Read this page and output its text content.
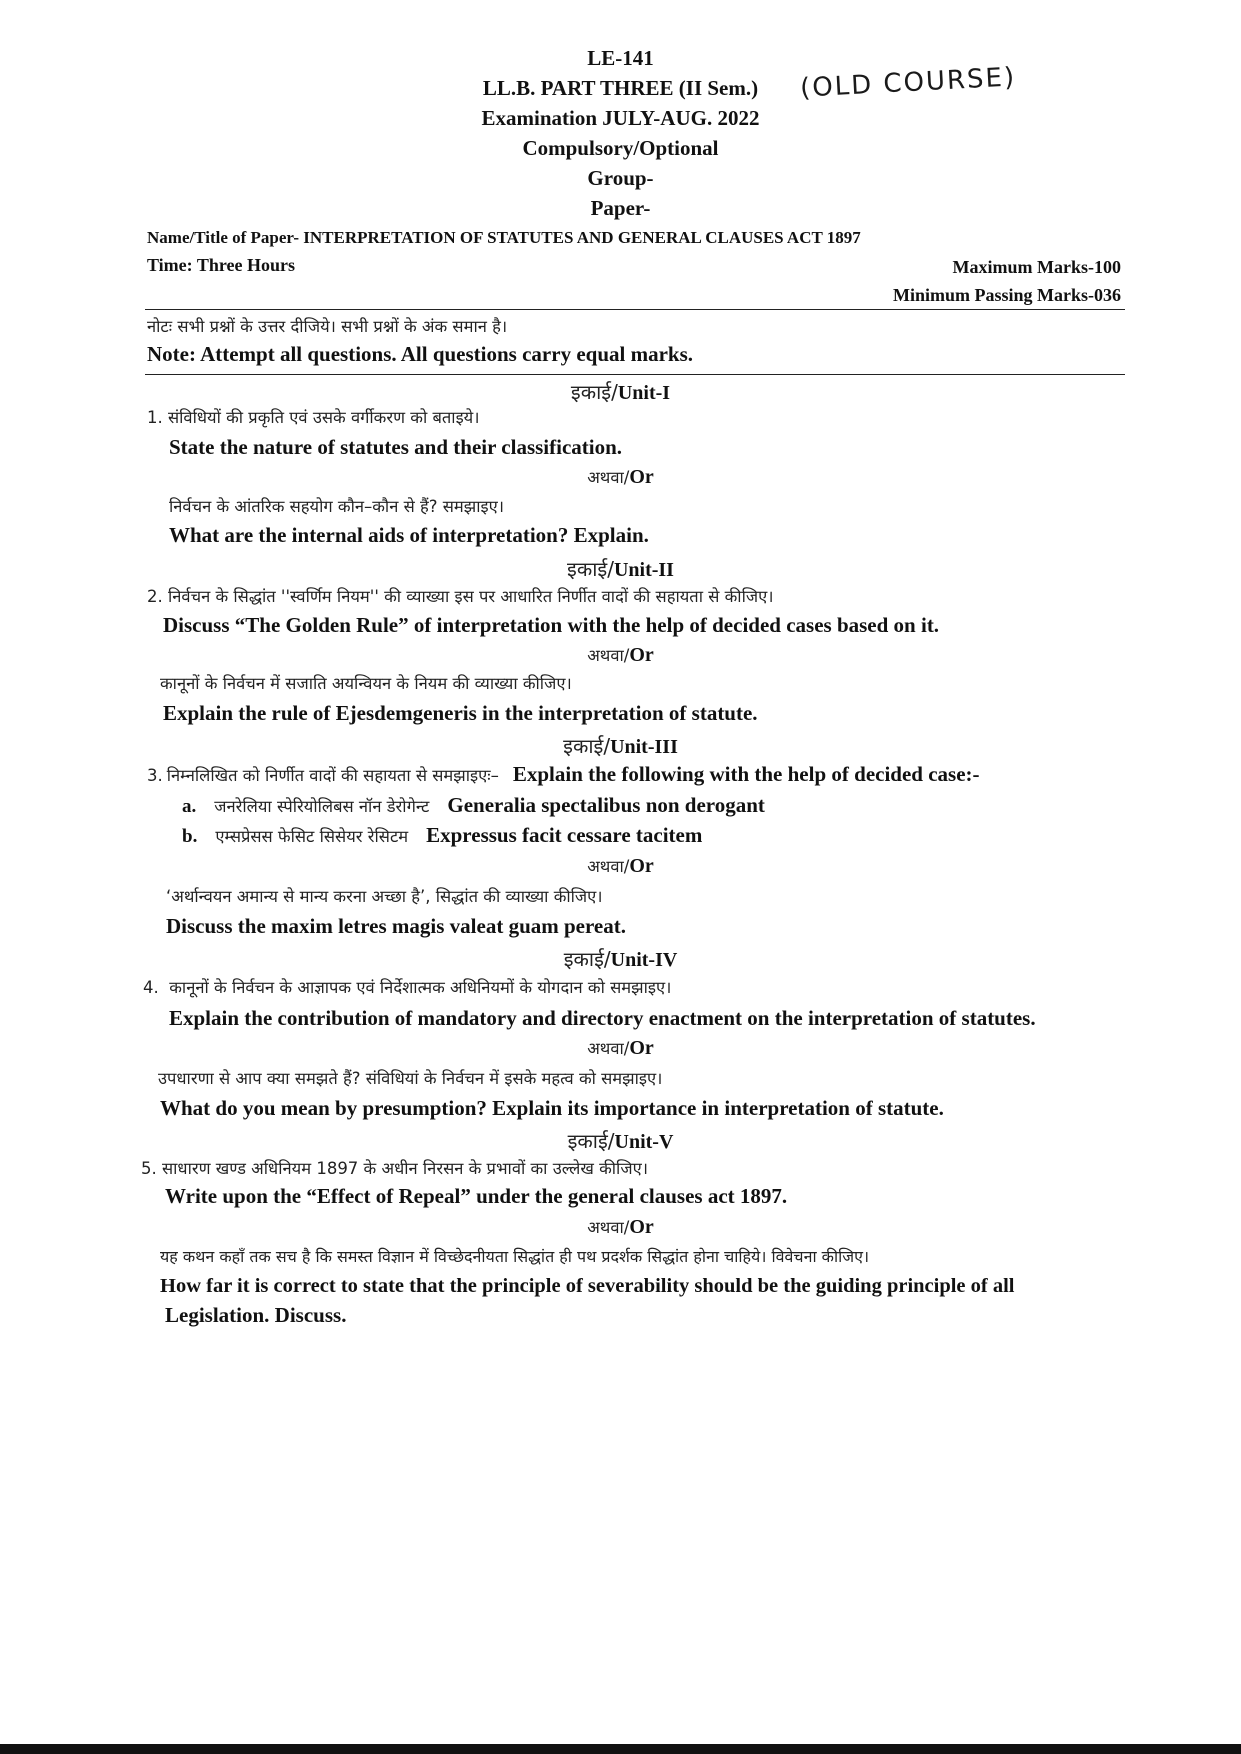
LE-141
LL.B. PART THREE (II Sem.)	(OLD COURSE)
Examination JULY-AUG. 2022
Compulsory/Optional
Group-
Paper-
Name/Title of Paper- INTERPRETATION OF STATUTES AND GENERAL CLAUSES ACT 1897
Time: Three Hours	Maximum Marks-100
Minimum Passing Marks-036
नोटः सभी प्रश्नों के उत्तर दीजिये। सभी प्रश्नों के अंक समान है।
Note: Attempt all questions. All questions carry equal marks.
इकाई/Unit-I
1. संविधियों की प्रकृति एवं उसके वर्गीकरण को बताइये।
State the nature of statutes and their classification.
अथवा/Or
निर्वचन के आंतरिक सहयोग कौन–कौन से हैं? समझाइए।
What are the internal aids of interpretation? Explain.
इकाई/Unit-II
2. निर्वचन के सिद्धांत ''स्वर्णिम नियम'' की व्याख्या इस पर आधारित निर्णीत वादों की सहायता से कीजिए।
Discuss “The Golden Rule” of interpretation with the help of decided cases based on it.
अथवा/Or
कानूनों के निर्वचन में सजाति अयन्वियन के नियम की व्याख्या कीजिए।
Explain the rule of Ejesdemgeneris in the interpretation of statute.
इकाई/Unit-III
3. निम्नलिखित को निर्णीत वादों की सहायता से समझाइएः– Explain the following with the help of decided case:-
a. जनरेलिया स्पेरियोलिबस नॉन डेरोगेन्ट Generalia spectalibus non derogant
b. एम्सप्रेसस फेसिट सिसेयर रेसिटम Expressus facit cessare tacitem
अथवा/Or
‘अर्थान्वयन अमान्य से मान्य करना अच्छा है’, सिद्धांत की व्याख्या कीजिए।
Discuss the maxim letres magis valeat guam pereat.
इकाई/Unit-IV
4. कानूनों के निर्वचन के आज्ञापक एवं निर्देशात्मक अधिनियमों के योगदान को समझाइए।
Explain the contribution of mandatory and directory enactment on the interpretation of statutes.
अथवा/Or
उपधारणा से आप क्या समझते हैं? संविधियां के निर्वचन में इसके महत्व को समझाइए।
What do you mean by presumption? Explain its importance in interpretation of statute.
इकाई/Unit-V
5. साधारण खण्ड अधिनियम 1897 के अधीन निरसन के प्रभावों का उल्लेख कीजिए।
Write upon the “Effect of Repeal” under the general clauses act 1897.
अथवा/Or
यह कथन कहाँ तक सच है कि समस्त विज्ञान में विच्छेदनीयता सिद्धांत ही पथ प्रदर्शक सिद्धांत होना चाहिये। विवेचना कीजिए।
How far it is correct to state that the principle of severability should be the guiding principle of all
Legislation. Discuss.
